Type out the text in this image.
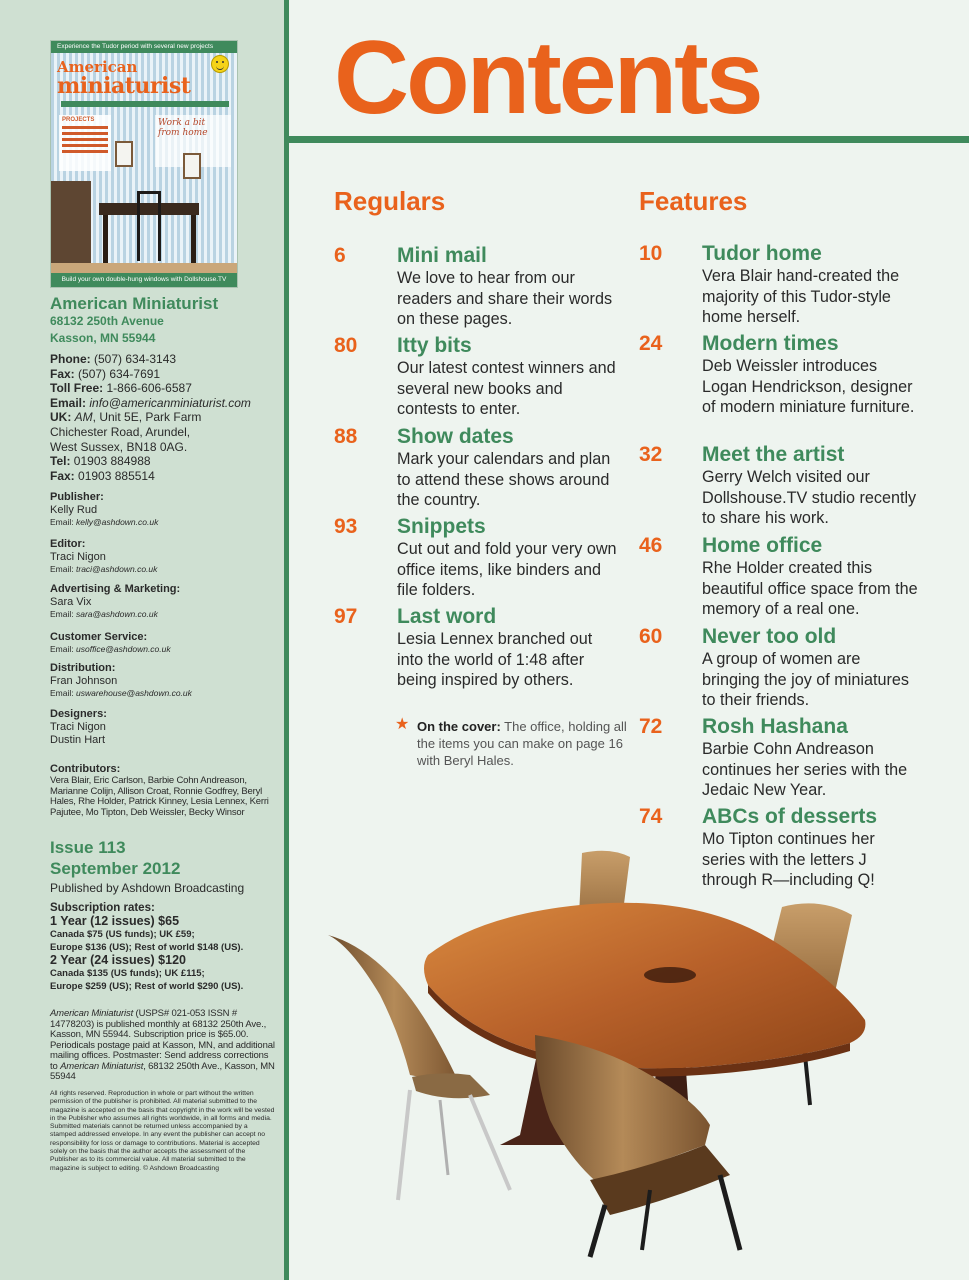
Experience the Tudor period with several new projects
American
miniaturist
PROJECTS	Work a bit from home
Build your own double-hung windows with Dollshouse.TV
American Miniaturist
68132 250th Avenue
Kasson, MN 55944
Phone: (507) 634-3143
Fax: (507) 634-7691
Toll Free: 1-866-606-6587
Email: info@americanminiaturist.com
UK: AM, Unit 5E, Park Farm
Chichester Road, Arundel,
West Sussex, BN18 0AG.
Tel: 01903 884988
Fax: 01903 885514
Publisher:
Kelly Rud
Email: kelly@ashdown.co.uk
Editor:
Traci Nigon
Email: traci@ashdown.co.uk
Advertising & Marketing:
Sara Vix
Email: sara@ashdown.co.uk
Customer Service:
Email: usoffice@ashdown.co.uk
Distribution:
Fran Johnson
Email: uswarehouse@ashdown.co.uk
Designers:
Traci Nigon
Dustin Hart
Contributors:
Vera Blair, Eric Carlson, Barbie Cohn Andreason, Marianne Colijn, Allison Croat, Ronnie Godfrey, Beryl Hales, Rhe Holder, Patrick Kinney, Lesia Lennex, Kerri Pajutee, Mo Tipton, Deb Weissler, Becky Winsor
Issue 113
September 2012
Published by Ashdown Broadcasting
Subscription rates:
1 Year (12 issues) $65
Canada $75 (US funds); UK £59;
Europe $136 (US); Rest of world $148 (US).
2 Year (24 issues) $120
Canada $135 (US funds); UK £115;
Europe $259 (US); Rest of world $290 (US).
American Miniaturist (USPS# 021-053 ISSN # 14778203) is published monthly at 68132 250th Ave., Kasson, MN 55944. Subscription price is $65.00. Periodicals postage paid at Kasson, MN, and additional mailing offices. Postmaster: Send address corrections to American Miniaturist, 68132 250th Ave., Kasson, MN 55944
All rights reserved. Reproduction in whole or part without the written permission of the publisher is prohibited. All material submitted to the magazine is accepted on the basis that copyright in the work will be vested in the Publisher who assumes all rights worldwide, in all forms and media. Submitted materials cannot be returned unless accompanied by a stamped addressed envelope. In any event the publisher can accept no responsibility for loss or damage to contributions. Material is accepted solely on the basis that the author accepts the assessment of the Publisher as to its commercial value. All material submitted to the magazine is subject to editing. © Ashdown Broadcasting
Contents
Regulars	Features
6 Mini mail
We love to hear from our readers and share their words on these pages.
80 Itty bits
Our latest contest winners and several new books and contests to enter.
88 Show dates
Mark your calendars and plan to attend these shows around the country.
93 Snippets
Cut out and fold your very own office items, like binders and file folders.
97 Last word
Lesia Lennex branched out into the world of 1:48 after being inspired by others.
★ On the cover: The office, holding all the items you can make on page 16 with Beryl Hales.
10 Tudor home
Vera Blair hand-created the majority of this Tudor-style home herself.
24 Modern times
Deb Weissler introduces Logan Hendrickson, designer of modern miniature furniture.
32 Meet the artist
Gerry Welch visited our Dollshouse.TV studio recently to share his work.
46 Home office
Rhe Holder created this beautiful office space from the memory of a real one.
60 Never too old
A group of women are bringing the joy of miniatures to their friends.
72 Rosh Hashana
Barbie Cohn Andreason continues her series with the Jedaic New Year.
74 ABCs of desserts
Mo Tipton continues her series with the letters J through R—including Q!
